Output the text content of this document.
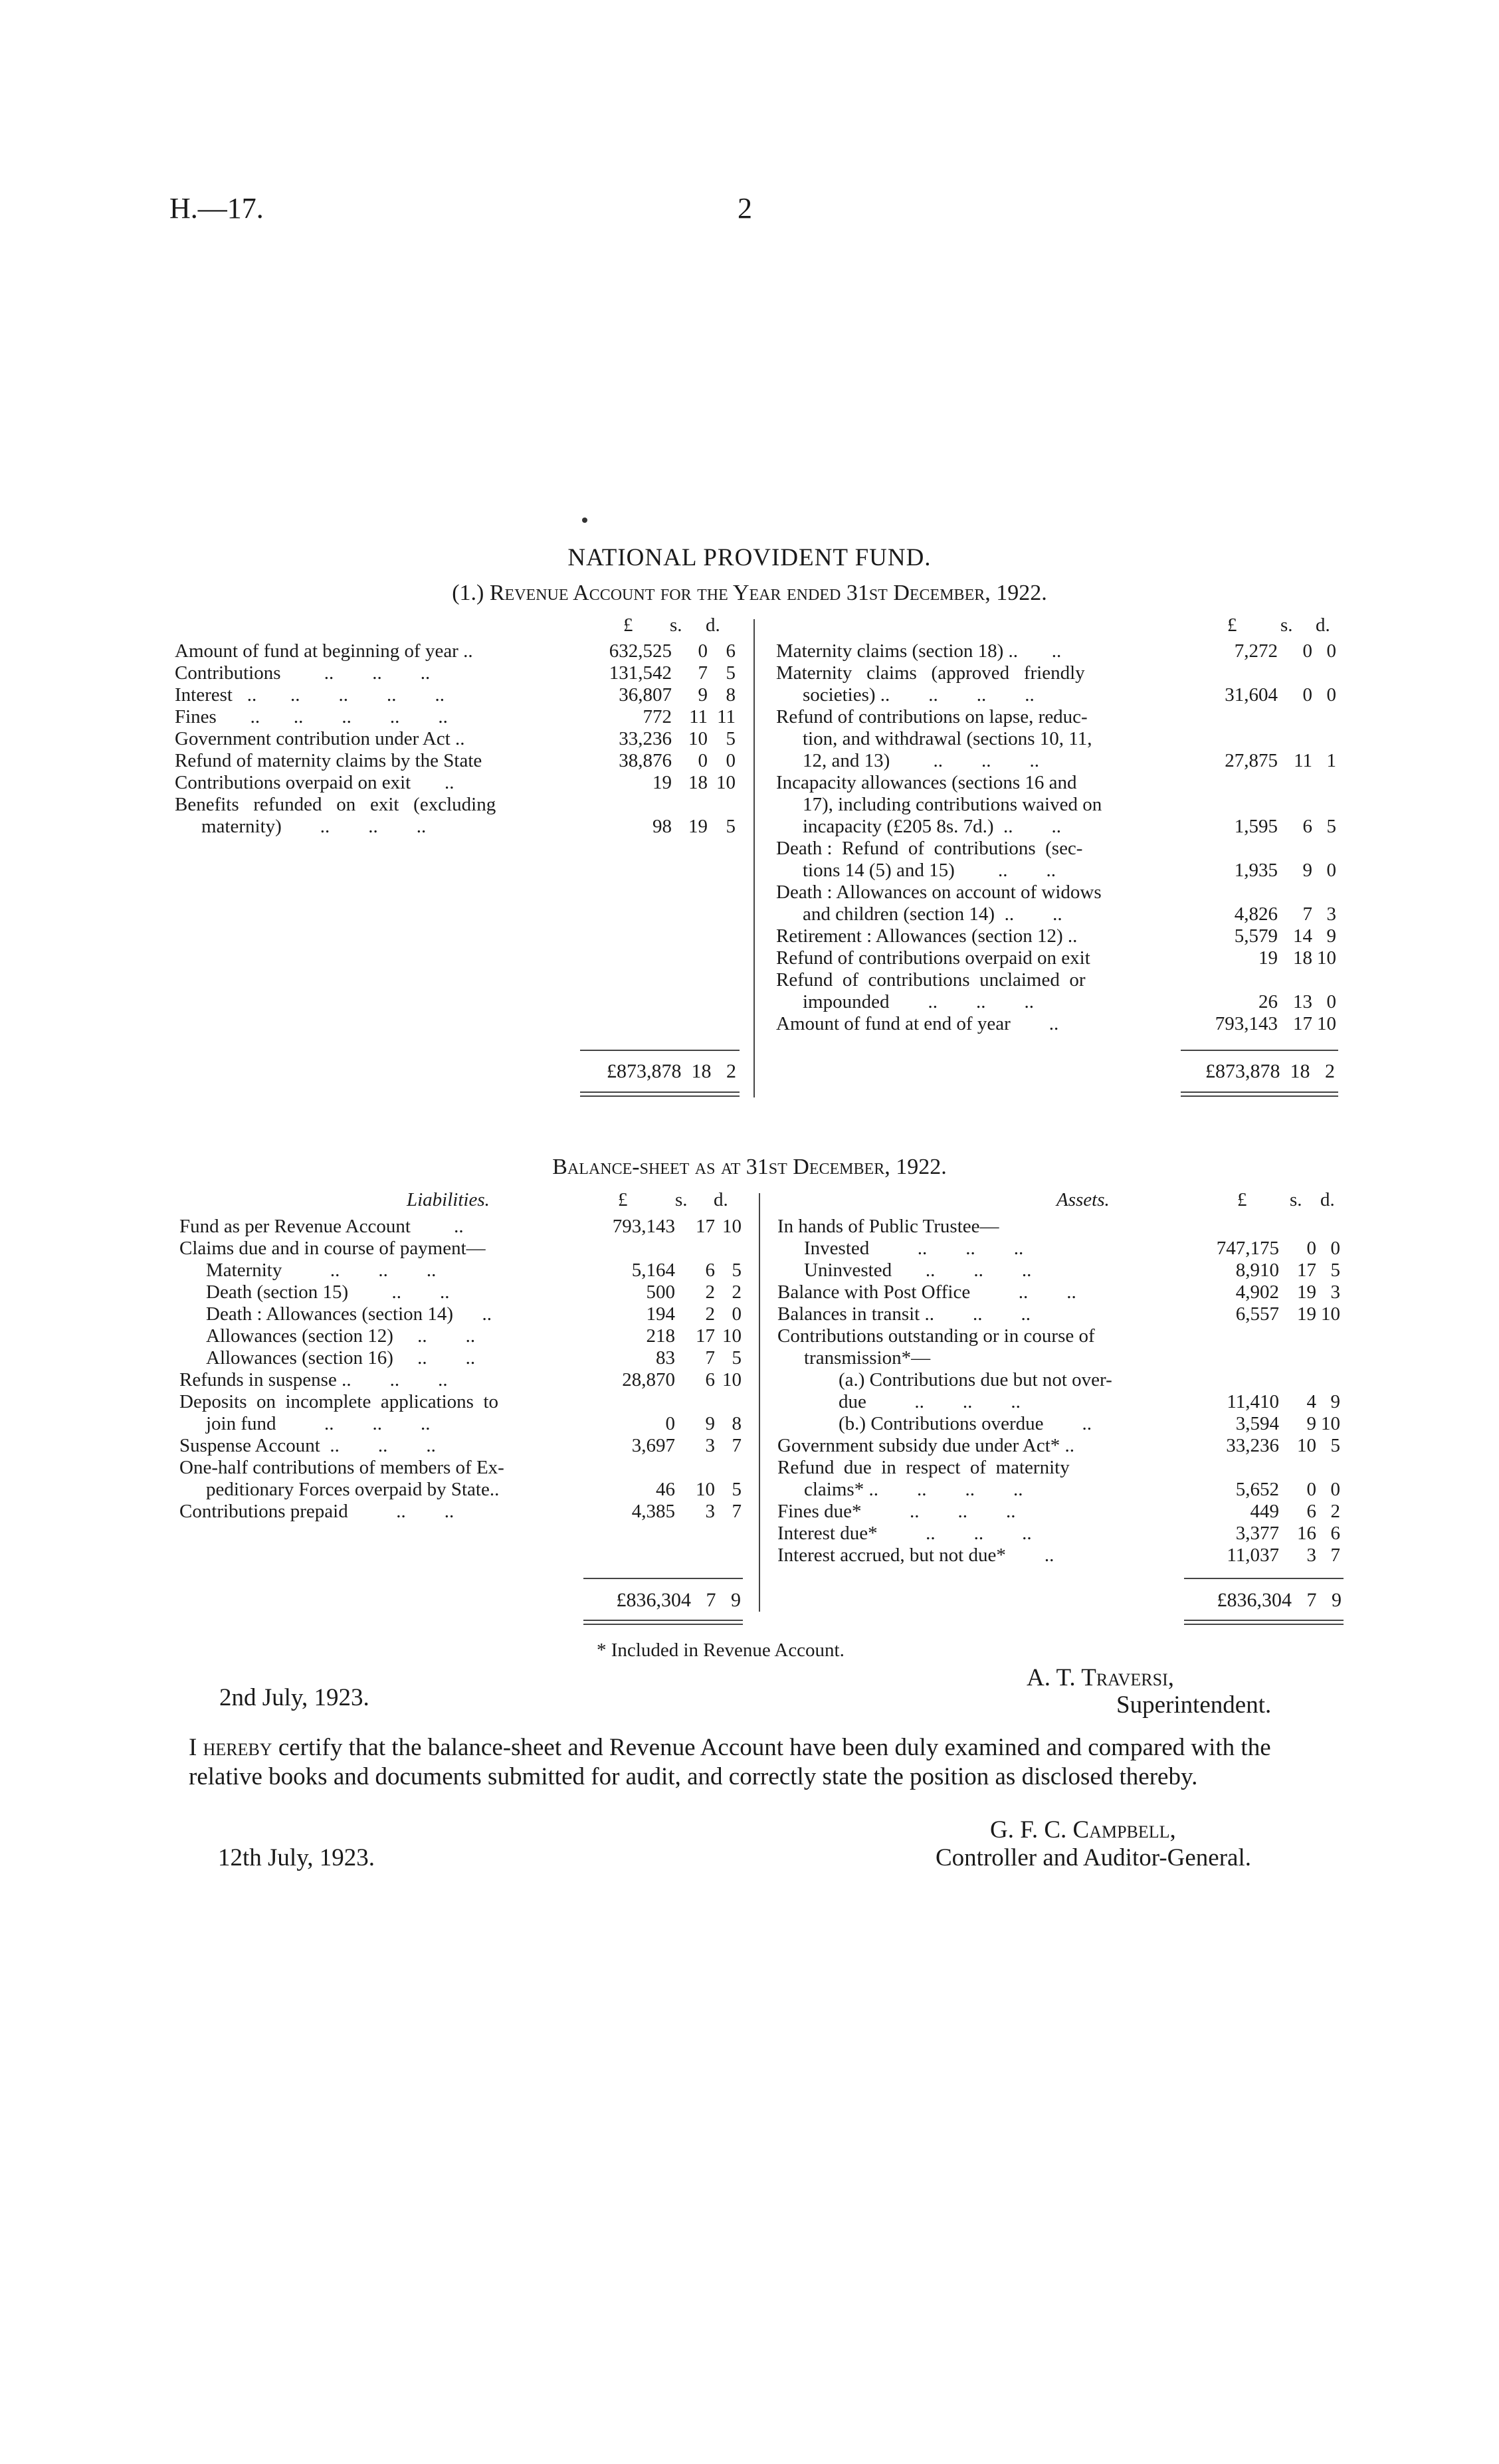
H.—17.	2
NATIONAL PROVIDENT FUND.
(1.) Revenue Account for the Year ended 31st December, 1922.
£ s. d.	£ s. d.
Amount of fund at beginning of year ..	632,525	0 6
Contributions         ..        ..        ..	131,542	7 5
Interest   ..       ..        ..        ..        ..	36,807	9 8
Fines       ..       ..        ..        ..        ..	772 11 11
Government contribution under Act ..	33,236 10 5
Refund of maternity claims by the State	38,876	0 0
Contributions overpaid on exit       ..	19 18 10
Benefits   refunded   on   exit   (excluding
maternity)        ..        ..        ..	98 19 5
Maternity claims (section 18) ..       ..	7,272	0 0
Maternity   claims   (approved   friendly
societies) ..        ..        ..        ..	31,604	0 0
Refund of contributions on lapse, reduc-
tion, and withdrawal (sections 10, 11,
12, and 13)         ..        ..        ..	27,875 11 1
Incapacity allowances (sections 16 and
17), including contributions waived on
incapacity (£205 8s. 7d.)  ..        ..	1,595	6 5
Death :  Refund  of  contributions  (sec-
tions 14 (5) and 15)         ..        ..	1,935	9 0
Death : Allowances on account of widows
and children (section 14)  ..        ..	4,826	7 3
Retirement : Allowances (section 12) ..	5,579 14 9
Refund of contributions overpaid on exit	19 18 10
Refund  of  contributions  unclaimed  or
impounded        ..        ..        ..	26 13 0
Amount of fund at end of year        ..	793,143 17 10
£873,878  18   2	£873,878  18   2
Balance-sheet as at 31st December, 1922.
Liabilities.	£ s. d.	Assets.	£ s. d.
Fund as per Revenue Account         ..	793,143	17 10
Claims due and in course of payment—
Maternity          ..        ..        ..	5,164	6 5
Death (section 15)         ..        ..	500	2 2
Death : Allowances (section 14)      ..	194	2 0
Allowances (section 12)     ..        ..	218	17 10
Allowances (section 16)     ..        ..	83	7 5
Refunds in suspense ..        ..        ..	28,870	6 10
Deposits  on  incomplete  applications  to
join fund          ..        ..        ..	0	9 8
Suspense Account  ..        ..        ..	3,697	3 7
One-half contributions of members of Ex-
peditionary Forces overpaid by State..	46	10 5
Contributions prepaid          ..        ..	4,385	3 7
In hands of Public Trustee—
Invested          ..        ..        ..	747,175	0 0
Uninvested       ..        ..        ..	8,910 17 5
Balance with Post Office          ..        ..	4,902 19 3
Balances in transit ..        ..        ..	6,557 19 10
Contributions outstanding or in course of
transmission*—
(a.) Contributions due but not over-
due          ..        ..        ..	11,410	4 9
(b.) Contributions overdue        ..	3,594	9 10
Government subsidy due under Act* ..	33,236 10 5
Refund  due  in  respect  of  maternity
claims* ..        ..        ..        ..	5,652	0 0
Fines due*          ..        ..        ..	449	6 2
Interest due*          ..        ..        ..	3,377 16 6
Interest accrued, but not due*        ..	11,037	3 7
£836,304   7   9	£836,304   7   9
* Included in Revenue Account.
2nd July, 1923.
A. T. Traversi,
Superintendent.
I hereby certify that the balance-sheet and Revenue Account have been duly examined and compared with the relative books and documents submitted for audit, and correctly state the position as disclosed thereby.
G. F. C. Campbell,
12th July, 1923.	Controller and Auditor-General.
